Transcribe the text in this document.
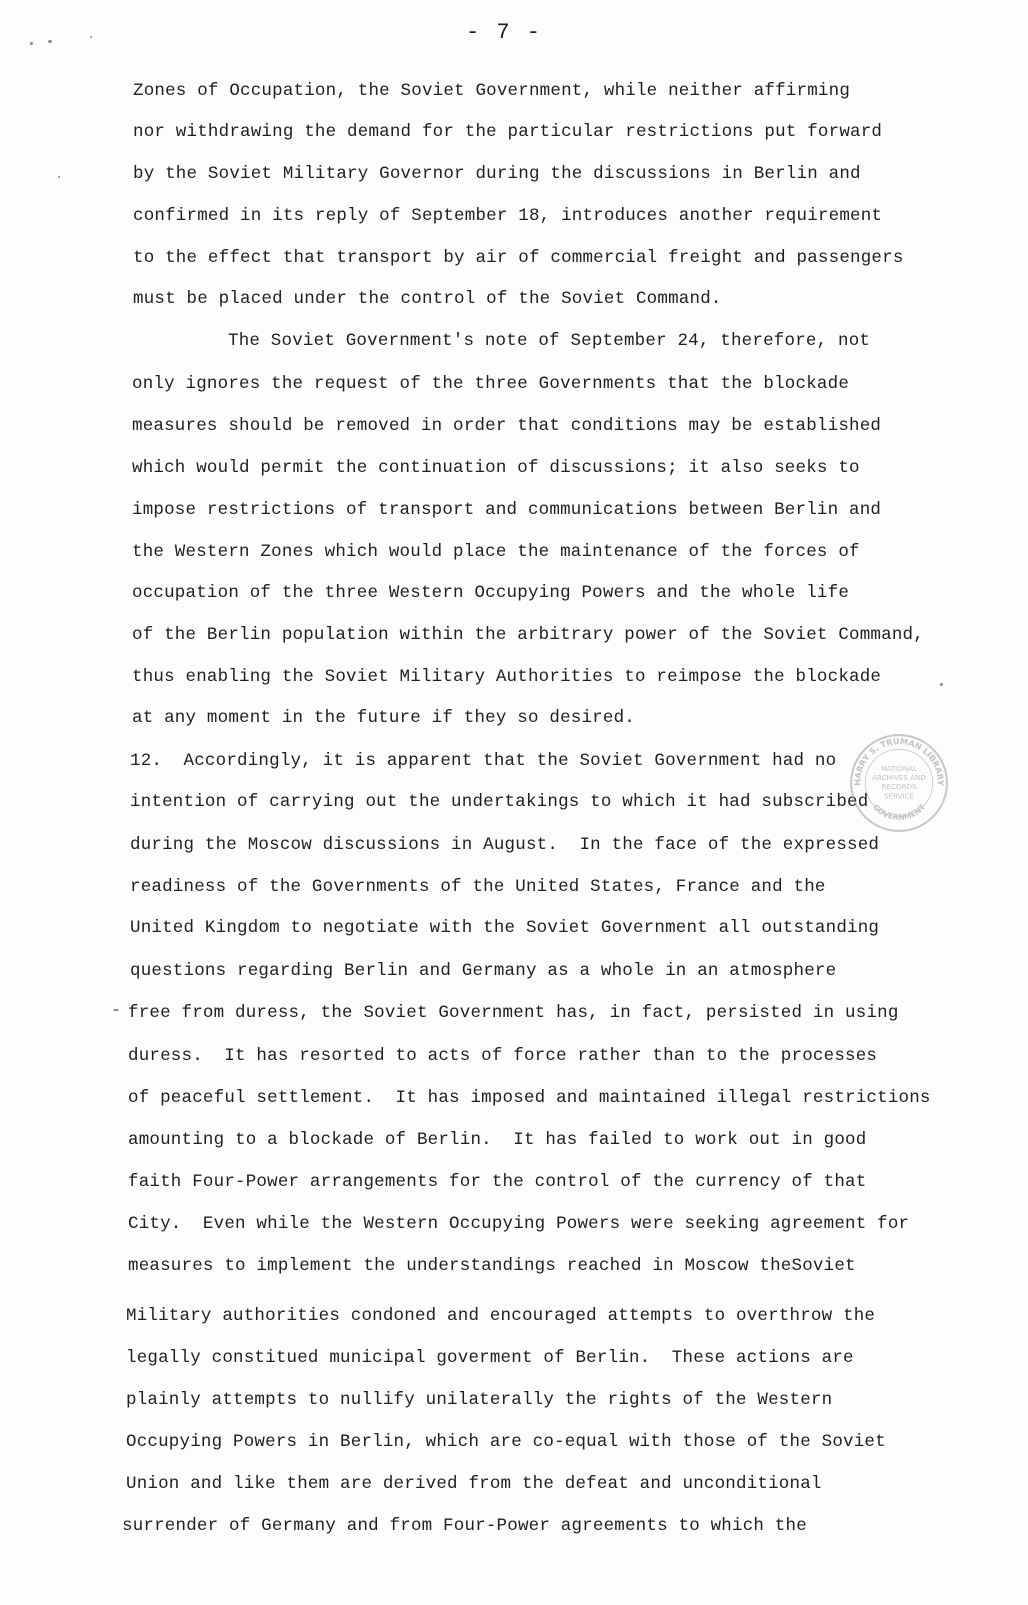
- 7 -
Zones of Occupation, the Soviet Government, while neither affirming
nor withdrawing the demand for the particular restrictions put forward
by the Soviet Military Governor during the discussions in Berlin and
confirmed in its reply of September 18, introduces another requirement
to the effect that transport by air of commercial freight and passengers
must be placed under the control of the Soviet Command.
The Soviet Government's note of September 24, therefore, not
only ignores the request of the three Governments that the blockade
measures should be removed in order that conditions may be established
which would permit the continuation of discussions; it also seeks to
impose restrictions of transport and communications between Berlin and
the Western Zones which would place the maintenance of the forces of
occupation of the three Western Occupying Powers and the whole life
of the Berlin population within the arbitrary power of the Soviet Command,
thus enabling the Soviet Military Authorities to reimpose the blockade
at any moment in the future if they so desired.
12.  Accordingly, it is apparent that the Soviet Government had no
intention of carrying out the undertakings to which it had subscribed
during the Moscow discussions in August.  In the face of the expressed
readiness of the Governments of the United States, France and the
United Kingdom to negotiate with the Soviet Government all outstanding
questions regarding Berlin and Germany as a whole in an atmosphere
free from duress, the Soviet Government has, in fact, persisted in using
duress.  It has resorted to acts of force rather than to the processes
of peaceful settlement.  It has imposed and maintained illegal restrictions
amounting to a blockade of Berlin.  It has failed to work out in good
faith Four-Power arrangements for the control of the currency of that
City.  Even while the Western Occupying Powers were seeking agreement for
measures to implement the understandings reached in Moscow theSoviet
Military authorities condoned and encouraged attempts to overthrow the
legally constitued municipal goverment of Berlin.  These actions are
plainly attempts to nullify unilaterally the rights of the Western
Occupying Powers in Berlin, which are co-equal with those of the Soviet
Union and like them are derived from the defeat and unconditional
surrender of Germany and from Four-Power agreements to which the
HARRY S. TRUMAN LIBRARY
GOVERNMENT
NATIONAL
ARCHIVES AND
RECORDS
SERVICE
